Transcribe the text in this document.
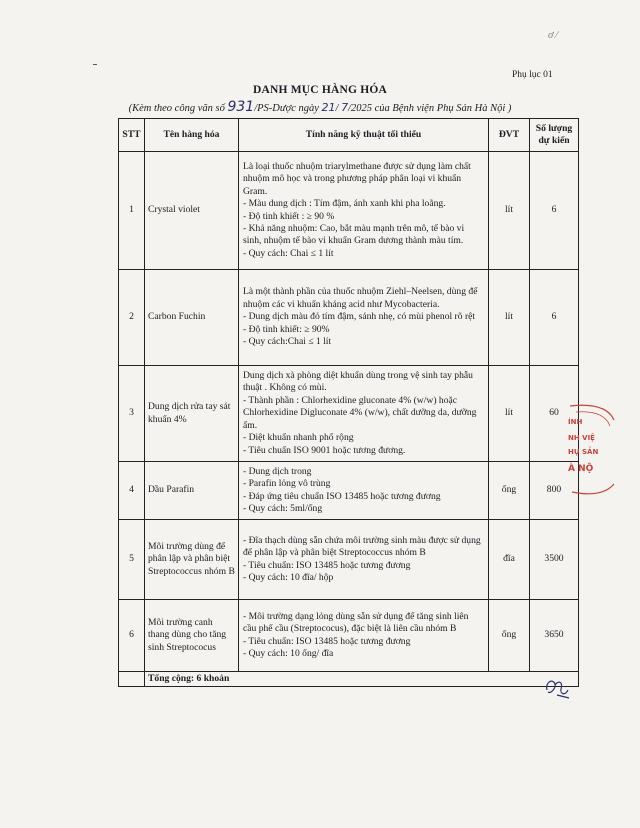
ơ ⁄
Phụ lục 01
DANH MỤC HÀNG HÓA
(Kèm theo công văn số 931/PS-Dược ngày 21/ 7/2025 của Bệnh viện Phụ Sản Hà Nội )
STT	Tên hàng hóa	Tính năng kỹ thuật tối thiểu	ĐVT	Số lượng dự kiến
1	Crystal violet	Là loại thuốc nhuộm triarylmethane được sử dụng làm chất nhuộm mô học và trong phương pháp phân loại vi khuẩn Gram.
- Màu dung dịch : Tím đậm, ánh xanh khi pha loãng.
- Độ tinh khiết : ≥ 90 %
- Khả năng nhuộm: Cao, bắt màu mạnh trên mô, tế bào vi sinh, nhuộm tế bào vi khuẩn Gram dương thành màu tím.
- Quy cách: Chai ≤ 1 lít	lít	6
2	Carbon Fuchin	Là một thành phần của thuốc nhuộm Ziehl–Neelsen, dùng để nhuộm các vi khuẩn kháng acid như Mycobacteria.
- Dung dịch màu đỏ tím đậm, sánh nhẹ, có mùi phenol rõ rệt
- Độ tinh khiết: ≥ 90%
- Quy cách:Chai ≤ 1 lít	lít	6
3	Dung dịch rửa tay sát khuẩn 4%	Dung dịch xà phòng diệt khuẩn dùng trong vệ sinh tay phẫu thuật . Không có mùi.
- Thành phần : Chlorhexidine gluconate 4% (w/w) hoặc Chlorhexidine Digluconate 4% (w/w), chất dưỡng da, dưỡng ẩm.
- Diệt khuẩn nhanh phổ rộng
- Tiêu chuẩn ISO 9001 hoặc tương đương.	lít	60
4	Dầu Parafin	- Dung dịch trong
- Parafin lỏng vô trùng
- Đáp ứng tiêu chuẩn ISO 13485 hoặc tương đương
- Quy cách: 5ml/ống	ống	800
5	Môi trường dùng để phân lập và phân biệt Streptococcus nhóm B	- Đĩa thạch dùng sẵn chứa môi trường sinh màu được sử dụng để phân lập và phân biệt Streptococcus nhóm B
- Tiêu chuẩn: ISO 13485 hoặc tương đương
- Quy cách: 10 đĩa/ hộp	đĩa	3500
6	Môi trường canh thang dùng cho tăng sinh Streptococus	- Môi trường dạng lỏng dùng sẵn sử dụng để tăng sinh liên cầu phế cầu (Streptococus), đặc biệt là liên cầu nhóm B
- Tiêu chuẩn: ISO 13485 hoặc tương đương
- Quy cách: 10 ống/ đĩa	ống	3650
	Tổng cộng: 6 khoản			
ÍNH
NH VIỆ
HỤ SẢN
À NỘ
